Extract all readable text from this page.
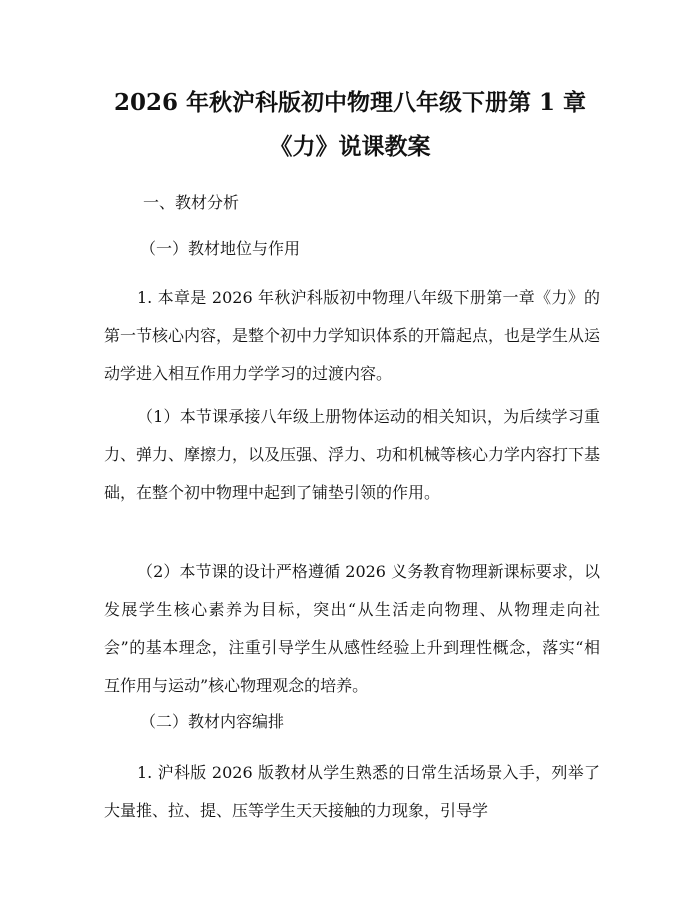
2026 年秋沪科版初中物理八年级下册第 1 章
《力》说课教案
一、教材分析
（一）教材地位与作用

1. 本章是 2026 年秋沪科版初中物理八年级下册第一章《力》的第一节核心内容，是整个初中力学知识体系的开篇起点，也是学生从运动学进入相互作用力学学习的过渡内容。

（1）本节课承接八年级上册物体运动的相关知识，为后续学习重力、弹力、摩擦力，以及压强、浮力、功和机械等核心力学内容打下基础，在整个初中物理中起到了铺垫引领的作用。

（2）本节课的设计严格遵循 2026 义务教育物理新课标要求，以发展学生核心素养为目标，突出“从生活走向物理、从物理走向社会”的基本理念，注重引导学生从感性经验上升到理性概念，落实“相互作用与运动”核心物理观念的培养。

（二）教材内容编排

1. 沪科版 2026 版教材从学生熟悉的日常生活场景入手，列举了大量推、拉、提、压等学生天天接触的力现象，引导学
